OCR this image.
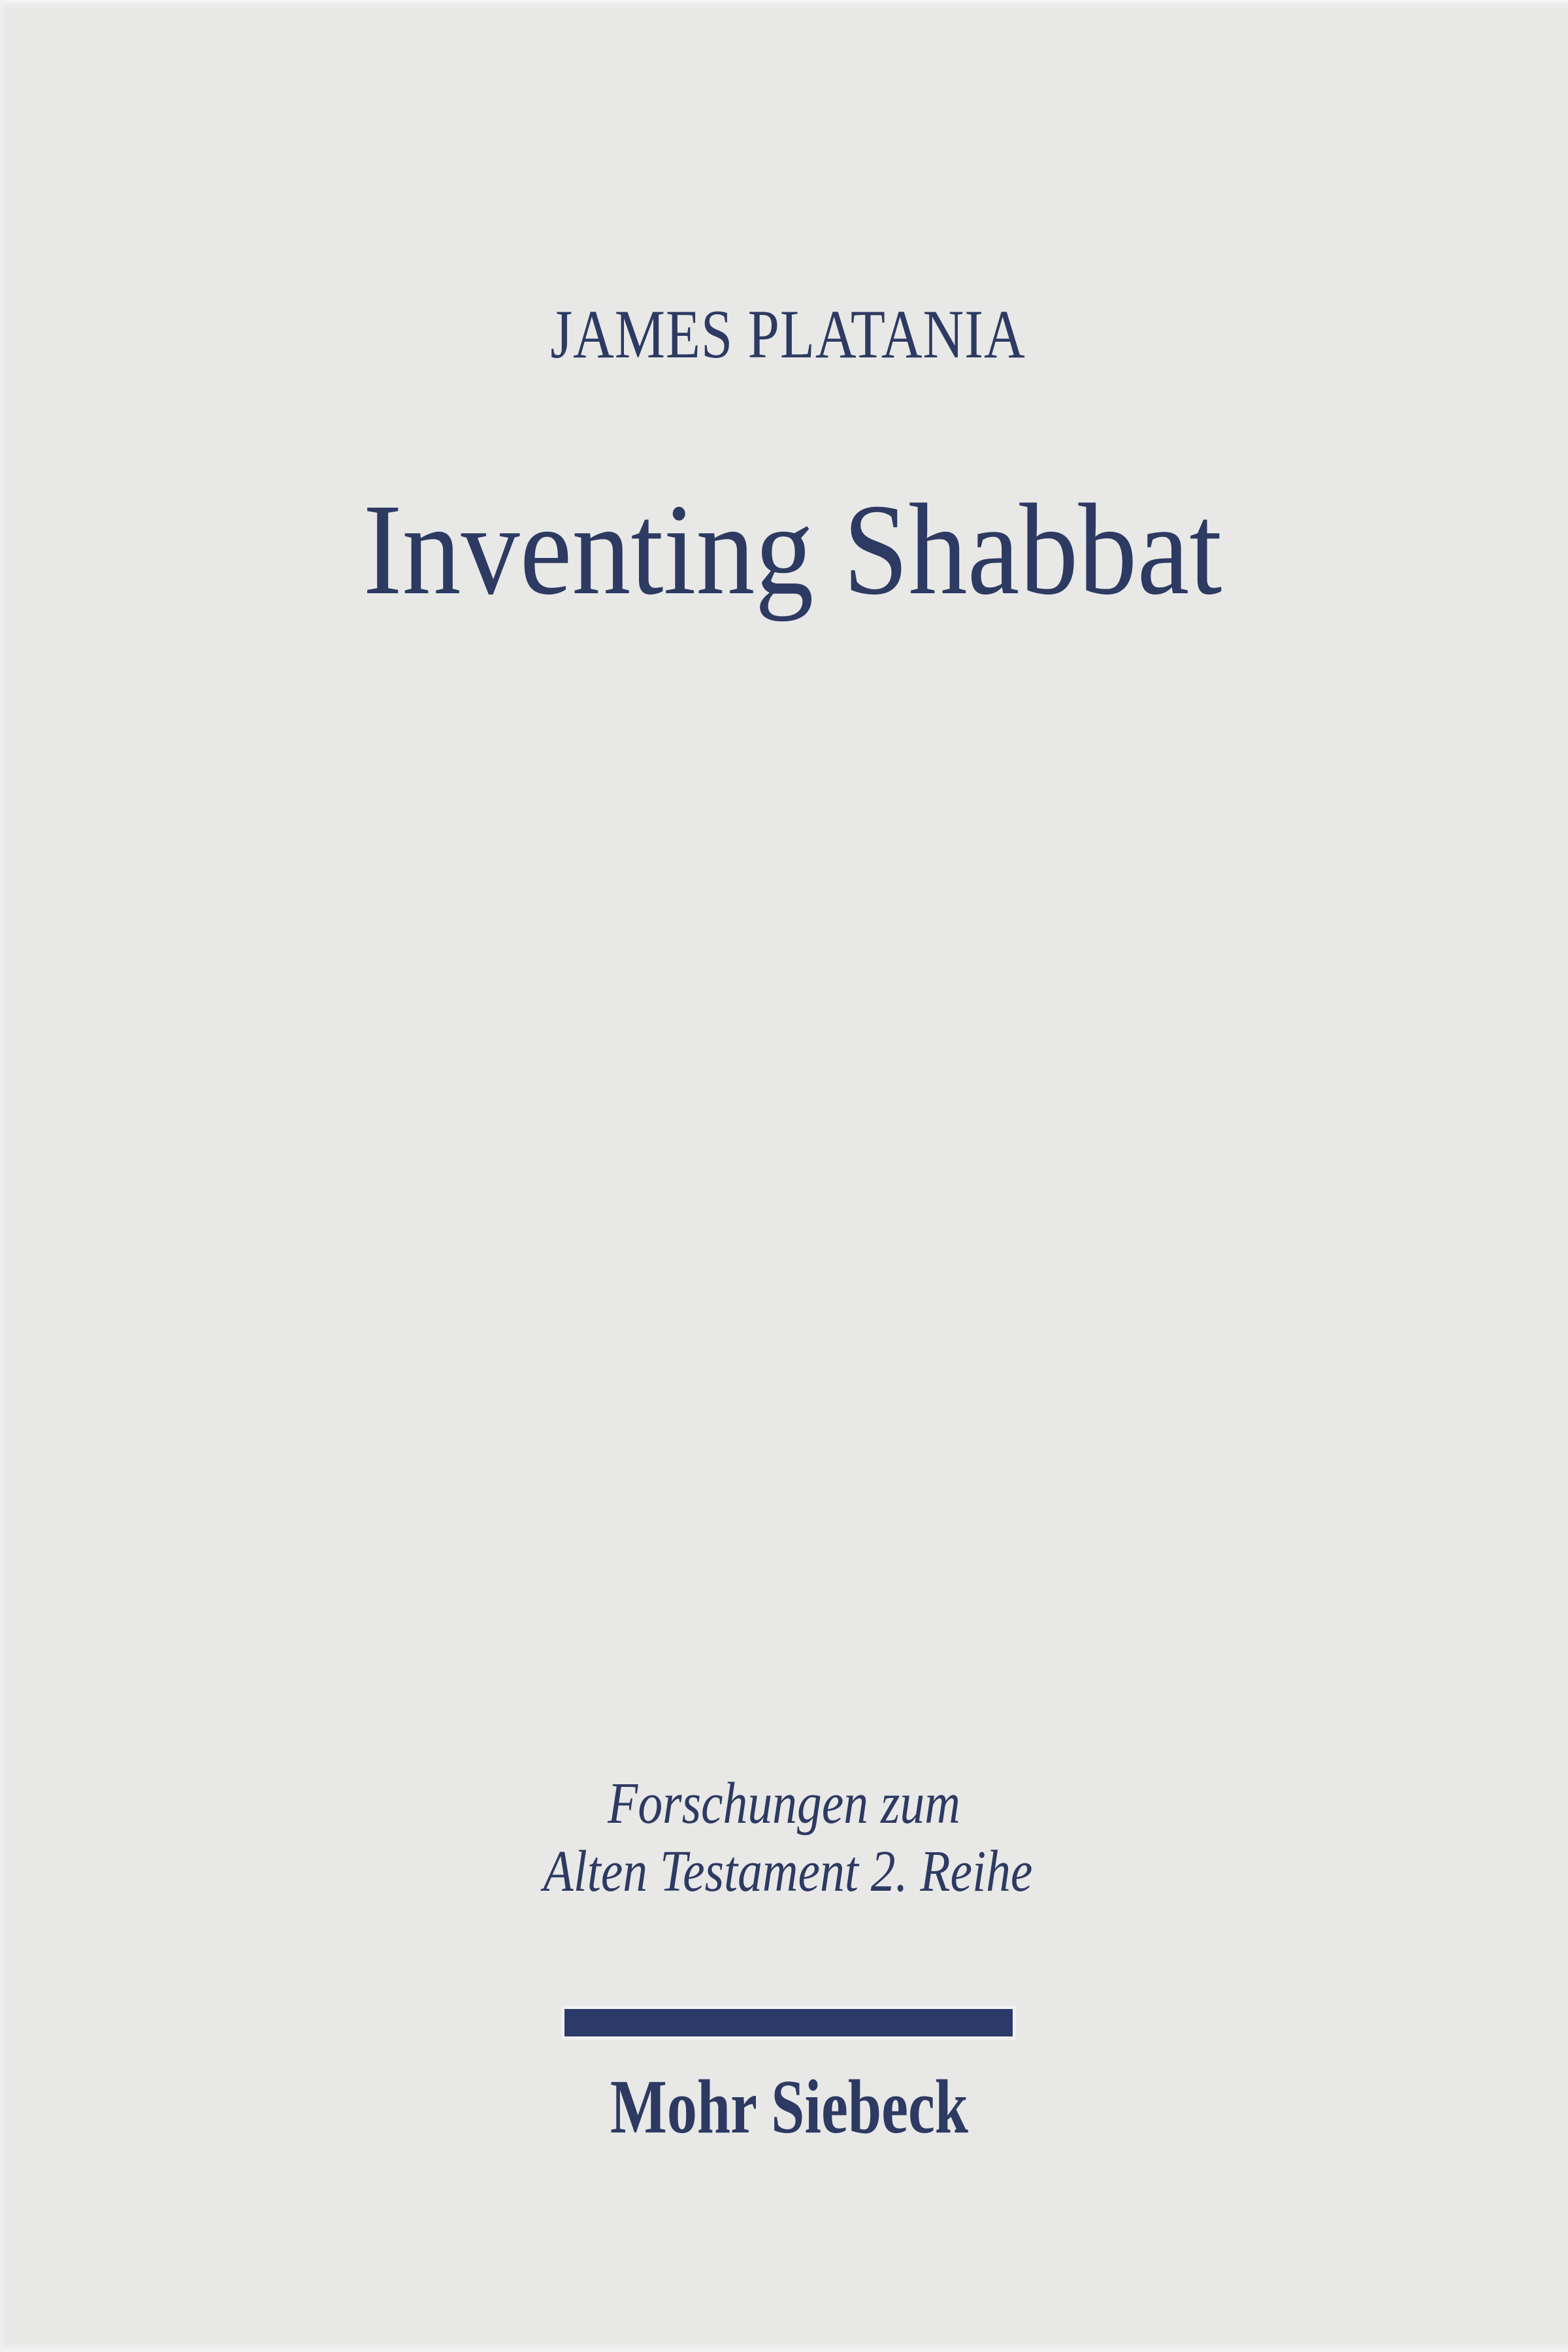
JAMES PLATANIA
Inventing Shabbat
Forschungen zum
Alten Testament 2. Reihe
Mohr Siebeck
